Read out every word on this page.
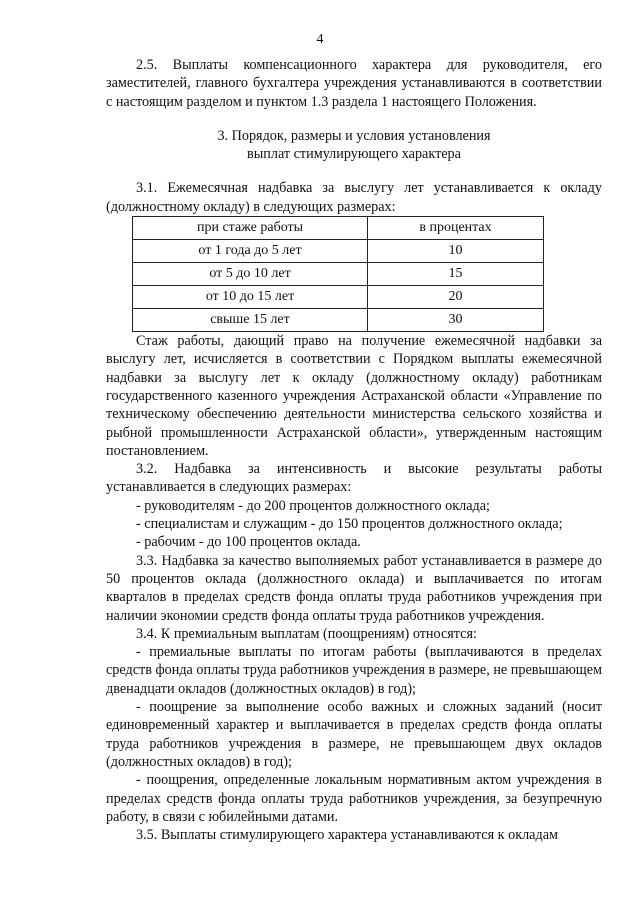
4

2.5. Выплаты компенсационного характера для руководителя, его заместителей, главного бухгалтера учреждения устанавливаются в соответствии с настоящим разделом и пунктом 1.3 раздела 1 настоящего Положения.

3. Порядок, размеры и условия установления

выплат стимулирующего характера

3.1. Ежемесячная надбавка за выслугу лет устанавливается к окладу (должностному окладу) в следующих размерах:

при стаже работы	в процентах
от 1 года до 5 лет	10
от 5 до 10 лет	15
от 10 до 15 лет	20
свыше 15 лет	30

Стаж работы, дающий право на получение ежемесячной надбавки за выслугу лет, исчисляется в соответствии с Порядком выплаты ежемесячной надбавки за выслугу лет к окладу (должностному окладу) работникам государственного казенного учреждения Астраханской области «Управление по техническому обеспечению деятельности министерства сельского хозяйства и рыбной промышленности Астраханской области», утвержденным настоящим постановлением.

3.2. Надбавка за интенсивность и высокие результаты работы устанавливается в следующих размерах:

- руководителям - до 200 процентов должностного оклада;

- специалистам и служащим - до 150 процентов должностного оклада;

- рабочим - до 100 процентов оклада.

3.3. Надбавка за качество выполняемых работ устанавливается в размере до 50 процентов оклада (должностного оклада) и выплачивается по итогам кварталов в пределах средств фонда оплаты труда работников учреждения при наличии экономии средств фонда оплаты труда работников учреждения.

3.4. К премиальным выплатам (поощрениям) относятся:

- премиальные выплаты по итогам работы (выплачиваются в пределах средств фонда оплаты труда работников учреждения в размере, не превышающем двенадцати окладов (должностных окладов) в год);

- поощрение за выполнение особо важных и сложных заданий (носит единовременный характер и выплачивается в пределах средств фонда оплаты труда работников учреждения в размере, не превышающем двух окладов (должностных окладов) в год);

- поощрения, определенные локальным нормативным актом учреждения в пределах средств фонда оплаты труда работников учреждения, за безупречную работу, в связи с юбилейными датами.

3.5. Выплаты стимулирующего характера устанавливаются к окладам
